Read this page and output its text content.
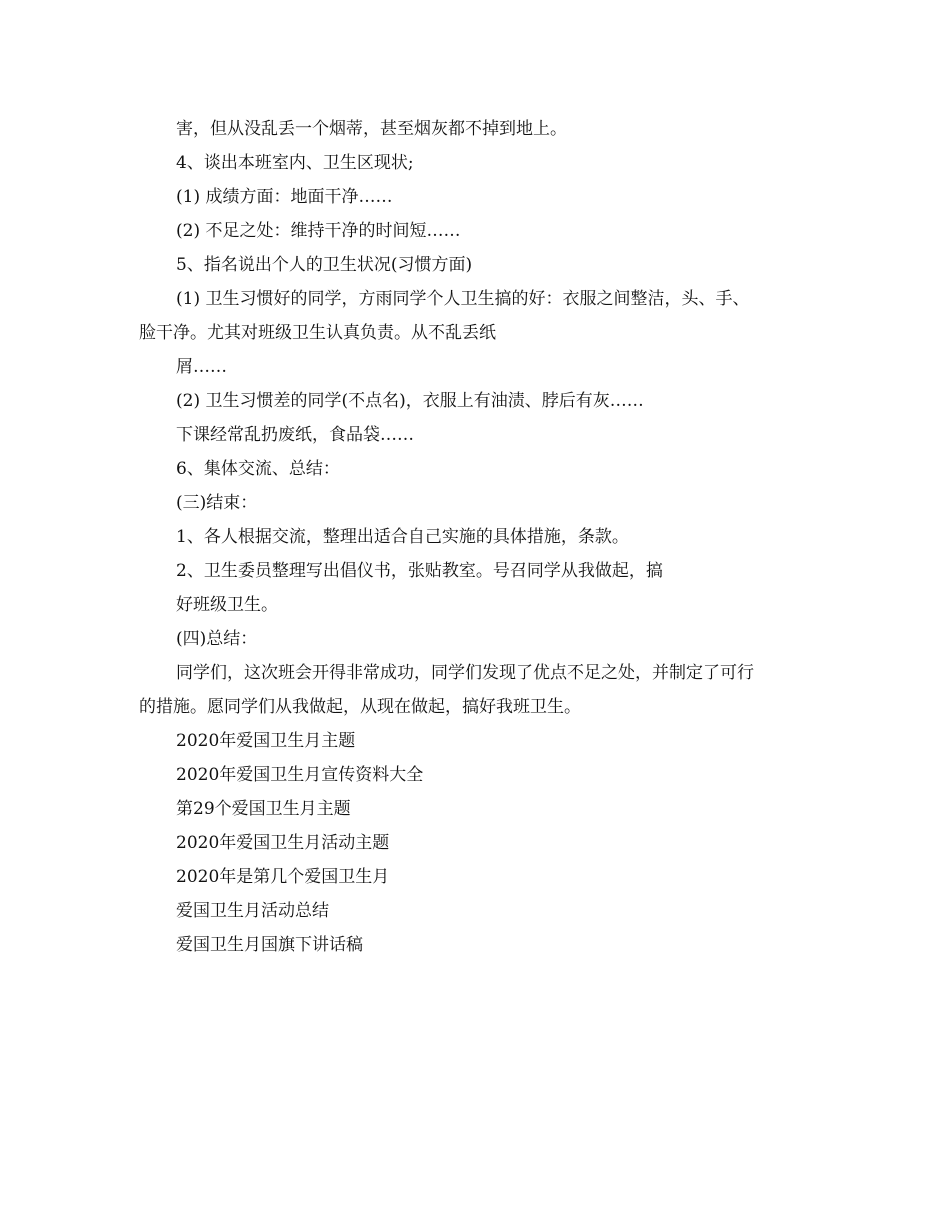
害，但从没乱丢一个烟蒂，甚至烟灰都不掉到地上。
4、谈出本班室内、卫生区现状;
(1) 成绩方面：地面干净……
(2) 不足之处：维持干净的时间短……
5、指名说出个人的卫生状况(习惯方面)
(1) 卫生习惯好的同学，方雨同学个人卫生搞的好：衣服之间整洁，头、手、
脸干净。尤其对班级卫生认真负责。从不乱丢纸
屑……
(2) 卫生习惯差的同学(不点名)，衣服上有油渍、脖后有灰……
下课经常乱扔废纸，食品袋……
6、集体交流、总结：
(三)结束：
1、各人根据交流，整理出适合自己实施的具体措施，条款。
2、卫生委员整理写出倡仪书，张贴教室。号召同学从我做起，搞
好班级卫生。
(四)总结：
同学们，这次班会开得非常成功，同学们发现了优点不足之处，并制定了可行
的措施。愿同学们从我做起，从现在做起，搞好我班卫生。
2020年爱国卫生月主题
2020年爱国卫生月宣传资料大全
第29个爱国卫生月主题
2020年爱国卫生月活动主题
2020年是第几个爱国卫生月
爱国卫生月活动总结
爱国卫生月国旗下讲话稿
